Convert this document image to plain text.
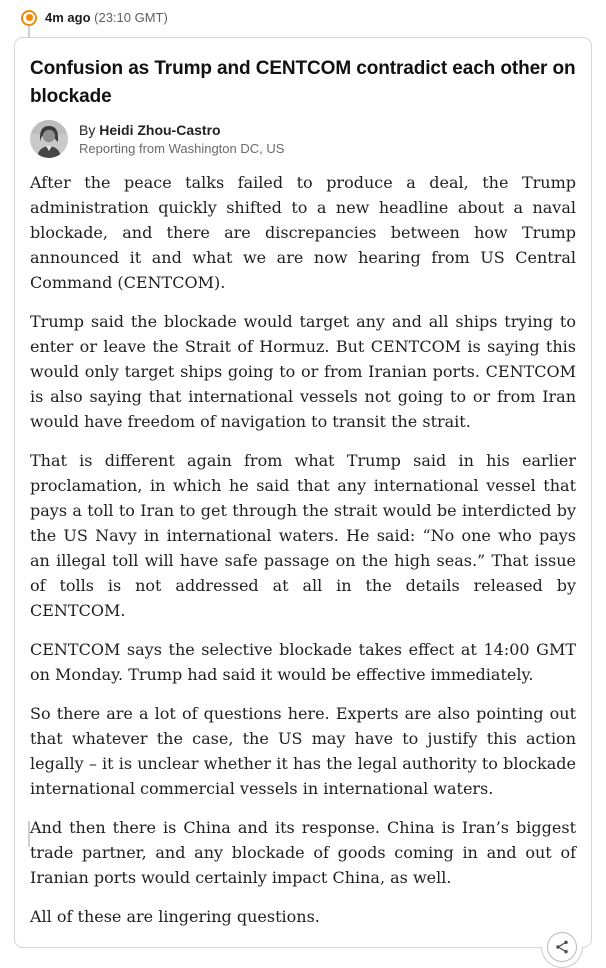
4m ago (23:10 GMT)
Confusion as Trump and CENTCOM contradict each other on blockade
By Heidi Zhou-Castro
Reporting from Washington DC, US

After the peace talks failed to produce a deal, the Trump administration quickly shifted to a new headline about a naval blockade, and there are discrepancies between how Trump announced it and what we are now hearing from US Central Command (CENTCOM).

Trump said the blockade would target any and all ships trying to enter or leave the Strait of Hormuz. But CENTCOM is saying this would only target ships going to or from Iranian ports. CENTCOM is also saying that international vessels not going to or from Iran would have freedom of navigation to transit the strait.

That is different again from what Trump said in his earlier proclamation, in which he said that any international vessel that pays a toll to Iran to get through the strait would be interdicted by the US Navy in international waters. He said: “No one who pays an illegal toll will have safe passage on the high seas.” That issue of tolls is not addressed at all in the details released by CENTCOM.

CENTCOM says the selective blockade takes effect at 14:00 GMT on Monday. Trump had said it would be effective immediately.

So there are a lot of questions here. Experts are also pointing out that whatever the case, the US may have to justify this action legally – it is unclear whether it has the legal authority to blockade international commercial vessels in international waters.

And then there is China and its response. China is Iran’s biggest trade partner, and any blockade of goods coming in and out of Iranian ports would certainly impact China, as well.

All of these are lingering questions.
